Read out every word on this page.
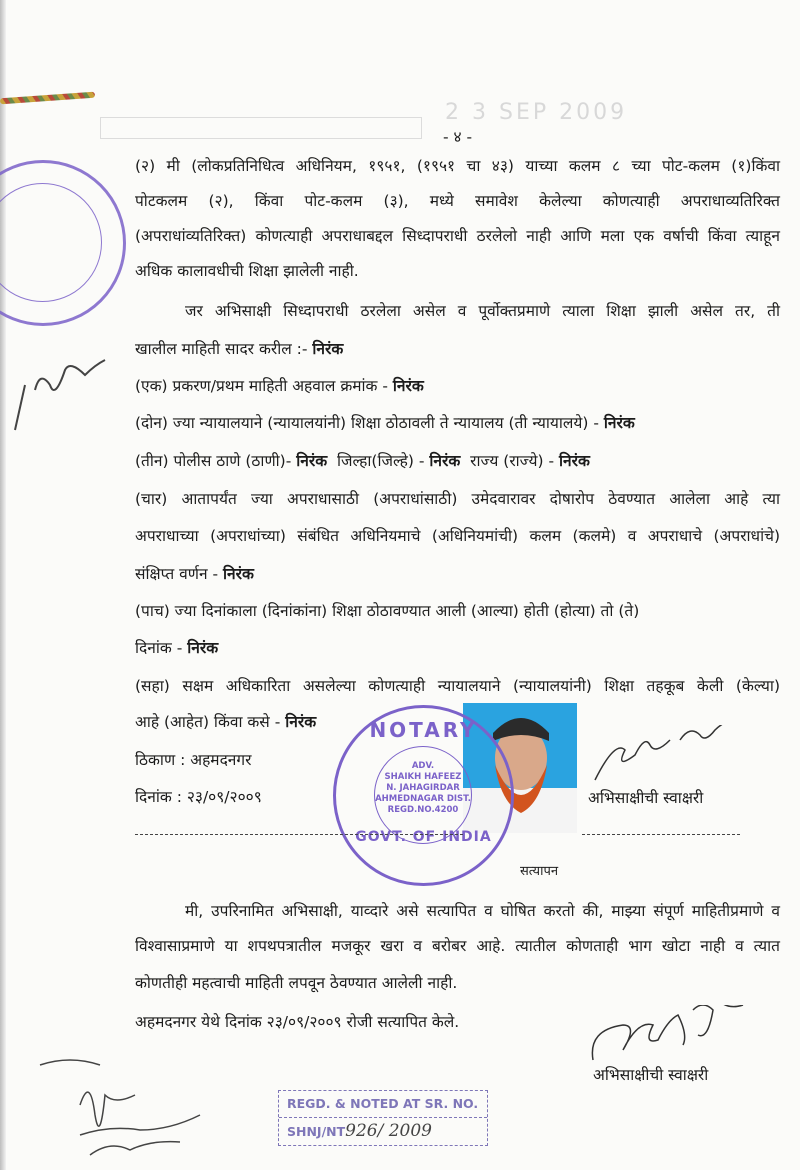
2 3 SEP 2009
- ४ -
(२) मी (लोकप्रतिनिधित्व अधिनियम, १९५१, (१९५१ चा ४३) याच्या कलम ८ च्या पोट-कलम (१)किंवा
पोटकलम (२), किंवा पोट-कलम (३), मध्ये समावेश केलेल्या कोणत्याही अपराधाव्यतिरिक्त
(अपराधांव्यतिरिक्त) कोणत्याही अपराधाबद्दल सिध्दापराधी ठरलेलो नाही आणि मला एक वर्षाची किंवा त्याहून
अधिक कालावधीची शिक्षा झालेली नाही.
जर अभिसाक्षी सिध्दापराधी ठरलेला असेल व पूर्वोक्तप्रमाणे त्याला शिक्षा झाली असेल तर, ती
खालील माहिती सादर करील :- निरंक
(एक) प्रकरण/प्रथम माहिती अहवाल क्रमांक - निरंक
(दोन) ज्या न्यायालयाने (न्यायालयांनी) शिक्षा ठोठावली ते न्यायालय (ती न्यायालये) - निरंक
(तीन) पोलीस ठाणे (ठाणी)- निरंक जिल्हा(जिल्हे) - निरंक राज्य (राज्ये) - निरंक
(चार) आतापर्यंत ज्या अपराधासाठी (अपराधांसाठी) उमेदवारावर दोषारोप ठेवण्यात आलेला आहे त्या
अपराधाच्या (अपराधांच्या) संबंधित अधिनियमाचे (अधिनियमांची) कलम (कलमे) व अपराधाचे (अपराधांचे)
संक्षिप्त वर्णन - निरंक
(पाच) ज्या दिनांकाला (दिनांकांना) शिक्षा ठोठावण्यात आली (आल्या) होती (होत्या) तो (ते)
दिनांक - निरंक
(सहा) सक्षम अधिकारिता असलेल्या कोणत्याही न्यायालयाने (न्यायालयांनी) शिक्षा तहकूब केली (केल्या)
आहे (आहेत) किंवा कसे - निरंक
ठिकाण : अहमदनगर
दिनांक : २३/०९/२००९
NOTARY
GOVT. OF INDIA
ADV.
SHAIKH HAFEEZ
N. JAHAGIRDAR
AHMEDNAGAR DIST.
REGD.NO.4200
अभिसाक्षीची स्वाक्षरी
सत्यापन
मी, उपरिनामित अभिसाक्षी, याव्दारे असे सत्यापित व घोषित करतो की, माझ्या संपूर्ण माहितीप्रमाणे व
विश्वासाप्रमाणे या शपथपत्रातील मजकूर खरा व बरोबर आहे. त्यातील कोणताही भाग खोटा नाही व त्यात
कोणतीही महत्वाची माहिती लपवून ठेवण्यात आलेली नाही.
अहमदनगर येथे दिनांक २३/०९/२००९ रोजी सत्यापित केले.
अभिसाक्षीची स्वाक्षरी
REGD. & NOTED AT SR. NO.
SHNJ/NT926/ 2009
